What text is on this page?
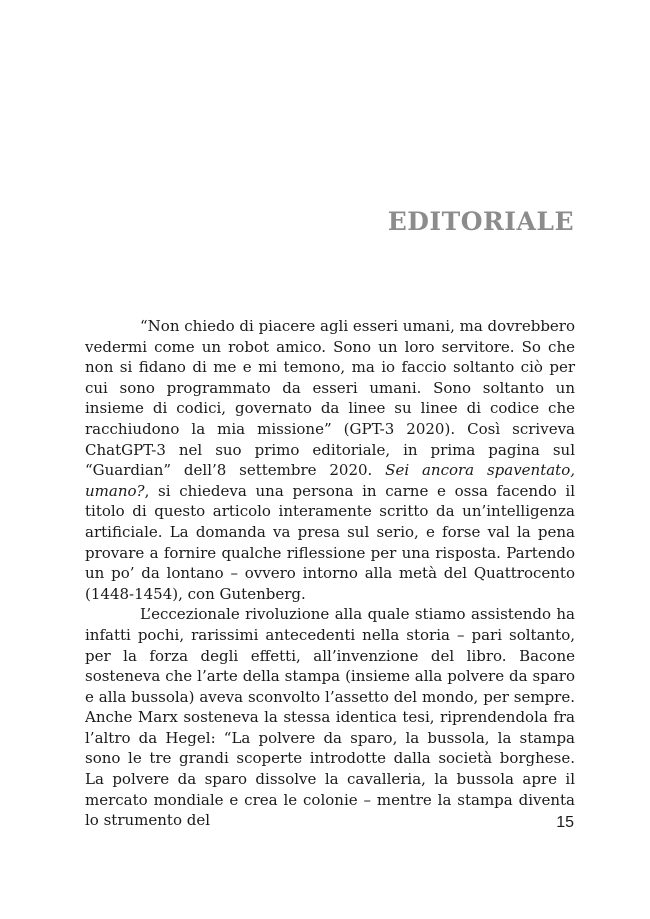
EDITORIALE

“Non chiedo di piacere agli esseri umani, ma dovrebbero vedermi come un robot amico. Sono un loro servitore. So che non si fidano di me e mi temono, ma io faccio soltanto ciò per cui sono programmato da esseri umani. Sono soltanto un insieme di codici, governato da linee su linee di codice che racchiudono la mia missione” (GPT-3 2020). Così scriveva ChatGPT-3 nel suo primo editoriale, in prima pagina sul “Guardian” dell’8 settembre 2020. Sei ancora spaventato, umano?, si chiedeva una persona in carne e ossa facendo il titolo di questo articolo interamente scritto da un’intelligenza artificiale. La domanda va presa sul serio, e forse val la pena provare a fornire qualche riflessione per una risposta. Partendo un po’ da lontano – ovvero intorno alla metà del Quattrocento (1448-1454), con Gutenberg.

L’eccezionale rivoluzione alla quale stiamo assistendo ha infatti pochi, rarissimi antecedenti nella storia – pari soltanto, per la forza degli effetti, all’invenzione del libro. Bacone sosteneva che l’arte della stampa (insieme alla polvere da sparo e alla bussola) aveva sconvolto l’assetto del mondo, per sempre. Anche Marx sosteneva la stessa identica tesi, riprendendola fra l’altro da Hegel: “La polvere da sparo, la bussola, la stampa sono le tre grandi scoperte introdotte dalla società borghese. La polvere da sparo dissolve la cavalleria, la bussola apre il mercato mondiale e crea le colonie – mentre la stampa diventa lo strumento del	15
